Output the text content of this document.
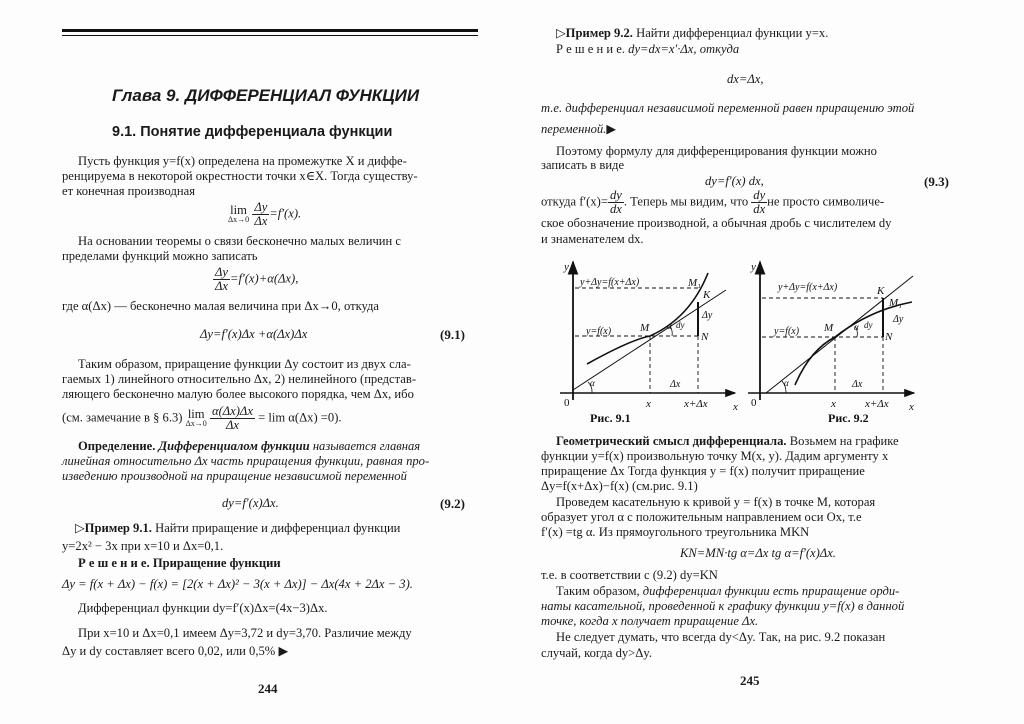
Глава 9. ДИФФЕРЕНЦИАЛ ФУНКЦИИ
9.1. Понятие дифференциала функции
Пусть функция y=f(x) определена на промежутке X и диффе-
ренцируема в некоторой окрестности точки x∈X. Тогда существу-
ет конечная производная
lim
Δx→0
$\frac{\Delta y}{\Delta x} =f'(x)$.
На основании теоремы о связи бесконечно малых величин с
пределами функций можно записать
$\frac{\Delta y}{\Delta x} =f'(x)+\alpha(\Delta x)$,
где α(Δx) — бесконечно малая величина при Δx→0, откуда
Δy=f′(x)Δx +α(Δx)Δx	(9.1)
Таким образом, приращение функции Δy состоит из двух сла-
гаемых 1) линейного относительно Δx, 2) нелинейного (представ-
ляющего бесконечно малую более высокого порядка, чем Δx, ибо
(см. замечание в § 6.3) lim
Δx→0
$\frac{\alpha(\Delta x)\Delta x}{\Delta x} = \lim \alpha(\Delta x) =0$).
Определение. Дифференциалом функции называется главная
линейная относительно Δx часть приращения функции, равная про-
изведению производной на приращение независимой переменной
dy=f′(x)Δx.	(9.2)
▷Пример 9.1. Найти приращение и дифференциал функции
y=2x² − 3x при x=10 и Δx=0,1.
Р е ш е н и е. Приращение функции
Δy = f(x + Δx) − f(x) = [2(x + Δx)² − 3(x + Δx)] − Δx(4x + 2Δx − 3).
Дифференциал функции dy=f′(x)Δx=(4x−3)Δx.
При x=10 и Δx=0,1 имеем Δy=3,72 и dy=3,70. Различие между
Δy и dy составляет всего 0,02, или 0,5% ▶
244
▷Пример 9.2. Найти дифференциал функции y=x.
Р е ш е н и е. dy=dx=x′·Δx, откуда
dx=Δx,
т.е. дифференциал независимой переменной равен приращению этой
переменной.▶
Поэтому формулу для дифференцирования функции можно
записать в виде
dy=f′(x) dx,	(9.3)
откуда $f'(x)= \frac{dy}{dx}$ . Теперь мы видим, что $\frac{dy}{dx}$ не просто символиче-
ское обозначение производной, а обычная дробь с числителем dy
и знаменателем dx.
y
x
0
y+Δy=f(x+Δx)
y=f(x)	M
M₁
K
N
Δy
dy
α
α	Δx
x	x+Δx
Рис. 9.1
y
x
0
y+Δy=f(x+Δx)
y=f(x) M
M₁
K
N
Δy
dy
α
α	Δx
x	x+Δx
Рис. 9.2
Геометрический смысл дифференциала. Возьмем на графике
функции y=f(x) произвольную точку M(x, y). Дадим аргументу x
приращение Δx Тогда функция y = f(x) получит приращение
Δy=f(x+Δx)−f(x) (см.рис. 9.1)
Проведем касательную к кривой y = f(x) в точке M, которая
образует угол α с положительным направлением оси Ox, т.е
f′(x) =tg α. Из прямоугольного треугольника MKN
KN=MN·tg α=Δx tg α=f′(x)Δx.
т.е. в соответствии с (9.2) dy=KN
Таким образом, дифференциал функции есть приращение орди-
наты касательной, проведенной к графику функции y=f(x) в данной
точке, когда x получает приращение Δx.
Не следует думать, что всегда dy<Δy. Так, на рис. 9.2 показан
случай, когда dy>Δy.
245
